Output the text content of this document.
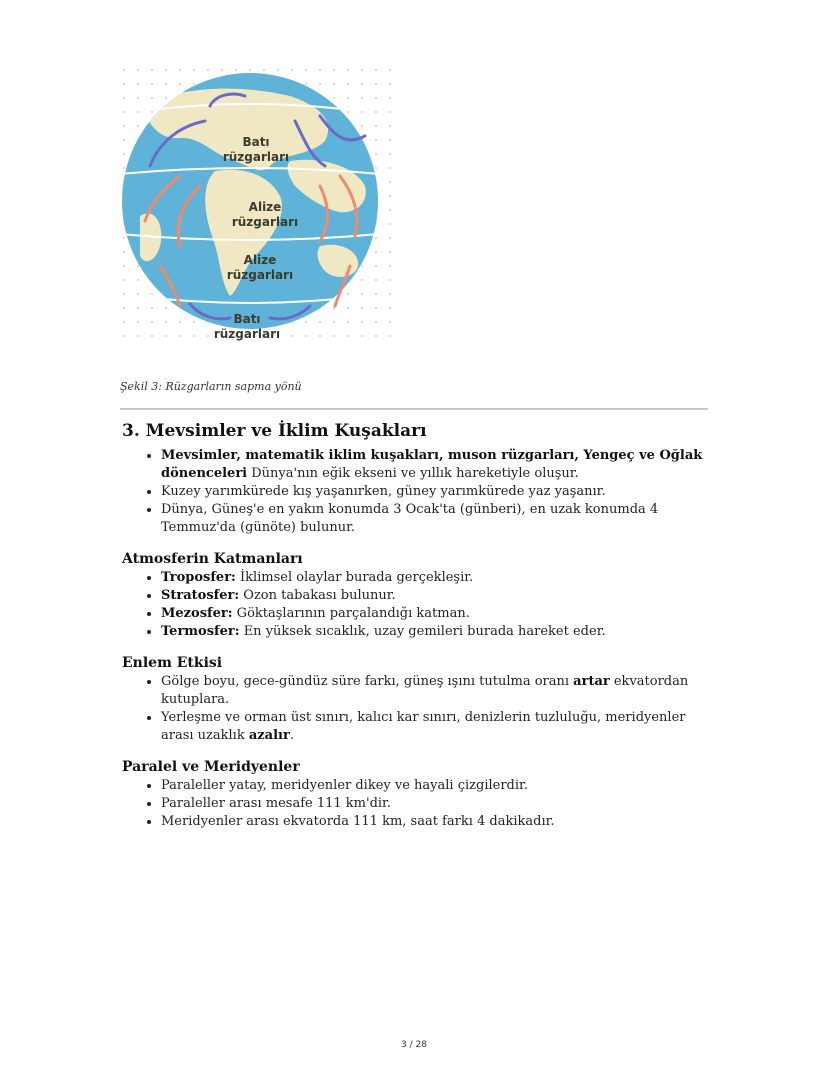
Batı
rüzgarları
Alize
rüzgarları
Alize
rüzgarları
Batı
rüzgarları
Şekil 3: Rüzgarların sapma yönü
3. Mevsimler ve İklim Kuşakları
• Mevsimler, matematik iklim kuşakları, muson rüzgarları, Yengeç ve Oğlak dönenceleri Dünya'nın eğik ekseni ve yıllık hareketiyle oluşur.
• Kuzey yarımkürede kış yaşanırken, güney yarımkürede yaz yaşanır.
• Dünya, Güneş'e en yakın konumda 3 Ocak'ta (günberi), en uzak konumda 4 Temmuz'da (günöte) bulunur.
Atmosferin Katmanları
• Troposfer: İklimsel olaylar burada gerçekleşir.
• Stratosfer: Ozon tabakası bulunur.
• Mezosfer: Göktaşlarının parçalandığı katman.
• Termosfer: En yüksek sıcaklık, uzay gemileri burada hareket eder.
Enlem Etkisi
• Gölge boyu, gece-gündüz süre farkı, güneş ışını tutulma oranı artar ekvatordan kutuplara.
• Yerleşme ve orman üst sınırı, kalıcı kar sınırı, denizlerin tuzluluğu, meridyenler arası uzaklık azalır.
Paralel ve Meridyenler
• Paraleller yatay, meridyenler dikey ve hayali çizgilerdir.
• Paraleller arası mesafe 111 km'dir.
• Meridyenler arası ekvatorda 111 km, saat farkı 4 dakikadır.
3 / 28
